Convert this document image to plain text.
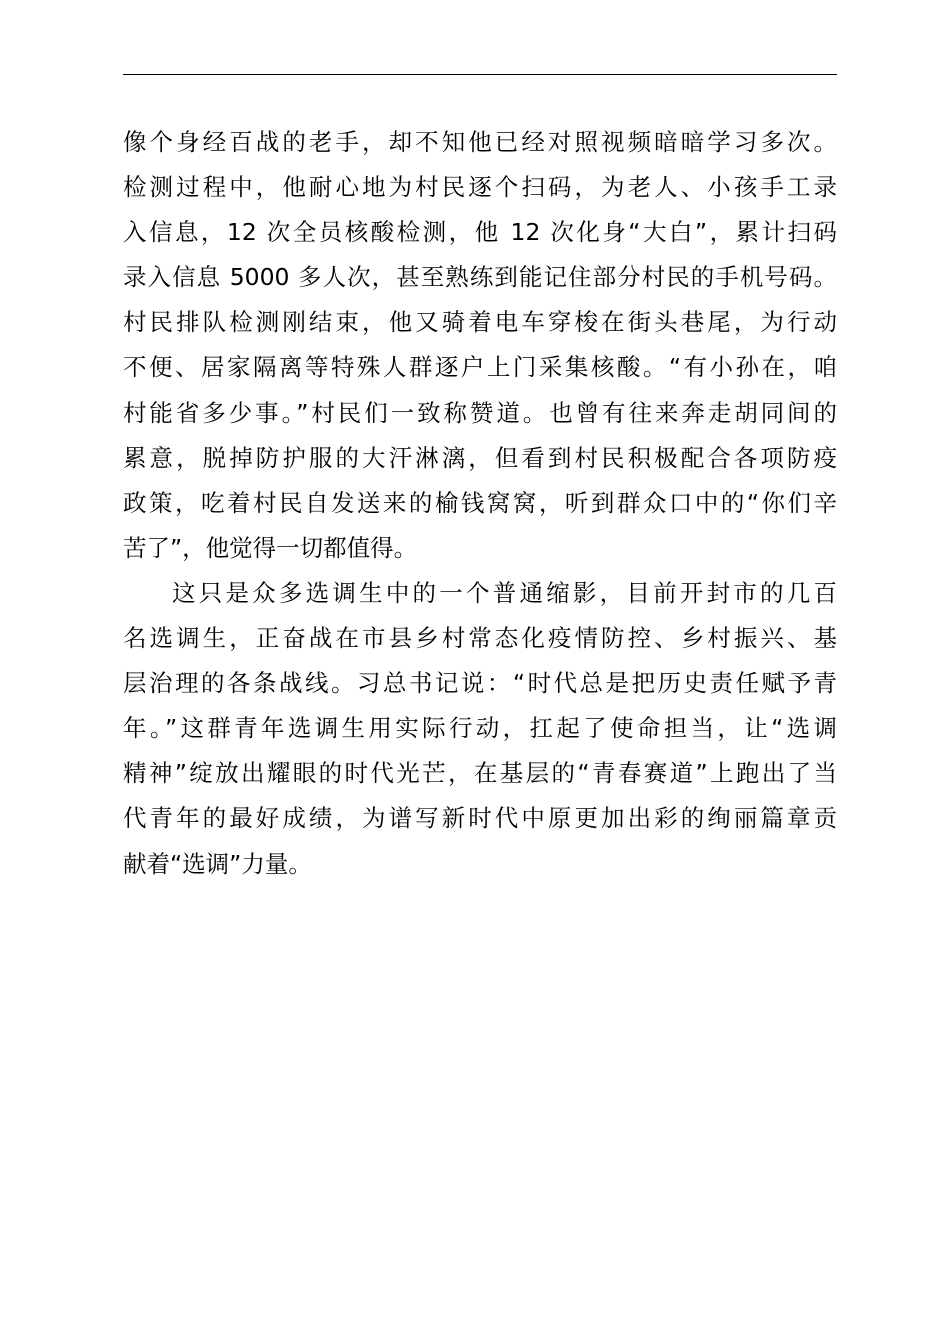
像个身经百战的老手，却不知他已经对照视频暗暗学习多次。
检测过程中，他耐心地为村民逐个扫码，为老人、小孩手工录
入信息，12 次全员核酸检测，他 12 次化身“大白”，累计扫码
录入信息 5000 多人次，甚至熟练到能记住部分村民的手机号码。
村民排队检测刚结束，他又骑着电车穿梭在街头巷尾，为行动
不便、居家隔离等特殊人群逐户上门采集核酸。“有小孙在，咱
村能省多少事。”村民们一致称赞道。也曾有往来奔走胡同间的
累意，脱掉防护服的大汗淋漓，但看到村民积极配合各项防疫
政策，吃着村民自发送来的榆钱窝窝，听到群众口中的“你们辛
苦了”，他觉得一切都值得。
这只是众多选调生中的一个普通缩影，目前开封市的几百
名选调生，正奋战在市县乡村常态化疫情防控、乡村振兴、基
层治理的各条战线。习总书记说：“时代总是把历史责任赋予青
年。”这群青年选调生用实际行动，扛起了使命担当，让“选调
精神”绽放出耀眼的时代光芒，在基层的“青春赛道”上跑出了当
代青年的最好成绩，为谱写新时代中原更加出彩的绚丽篇章贡
献着“选调”力量。
